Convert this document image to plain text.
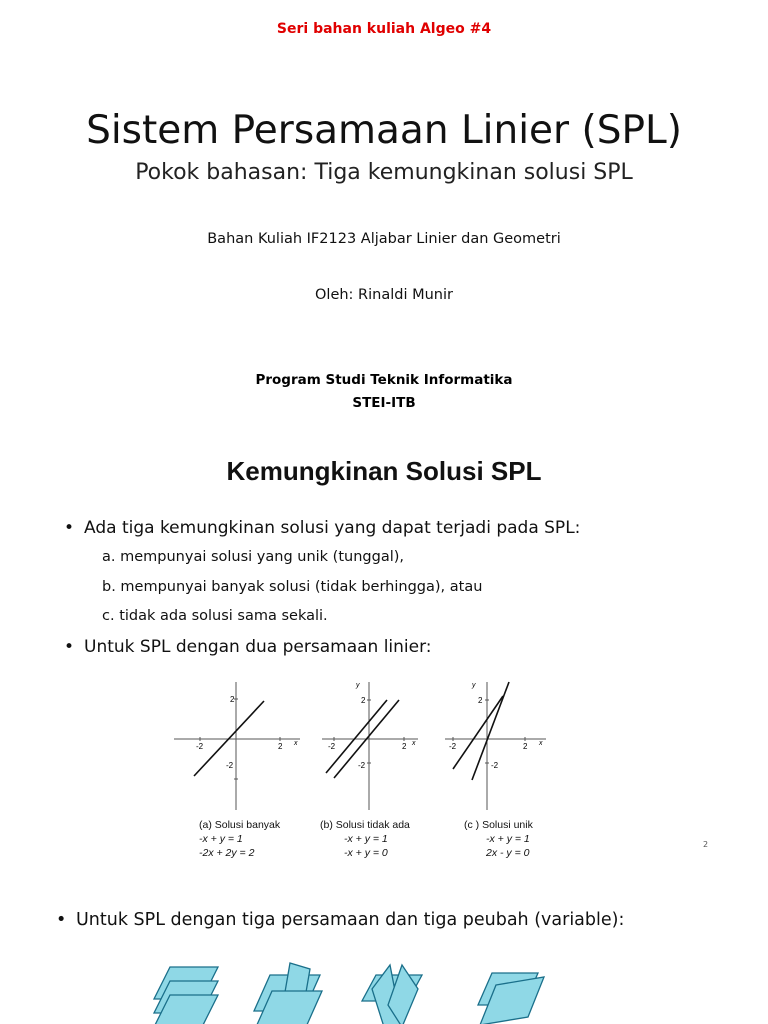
Seri bahan kuliah Algeo #4
Sistem Persamaan Linier (SPL)
Pokok bahasan: Tiga kemungkinan solusi SPL
Bahan Kuliah IF2123 Aljabar Linier dan Geometri
Oleh: Rinaldi Munir
Program Studi Teknik Informatika
STEI-ITB
Kemungkinan Solusi SPL
• Ada tiga kemungkinan solusi yang dapat terjadi pada SPL:
a. mempunyai solusi yang unik (tunggal),
b. mempunyai banyak solusi (tidak berhingga), atau
c. tidak ada solusi sama sekali.
• Untuk SPL dengan dua persamaan linier:
2
-2
-2	2 x
y
2
-2
-2	2 x
y
2
-2
-2	2 x
(a) Solusi banyak
-x + y = 1
-2x + 2y = 2
(b) Solusi tidak ada
-x + y = 1
-x + y = 0
(c ) Solusi unik
-x + y = 1
2x - y = 0
2
• Untuk SPL dengan tiga persamaan dan tiga peubah (variable):
